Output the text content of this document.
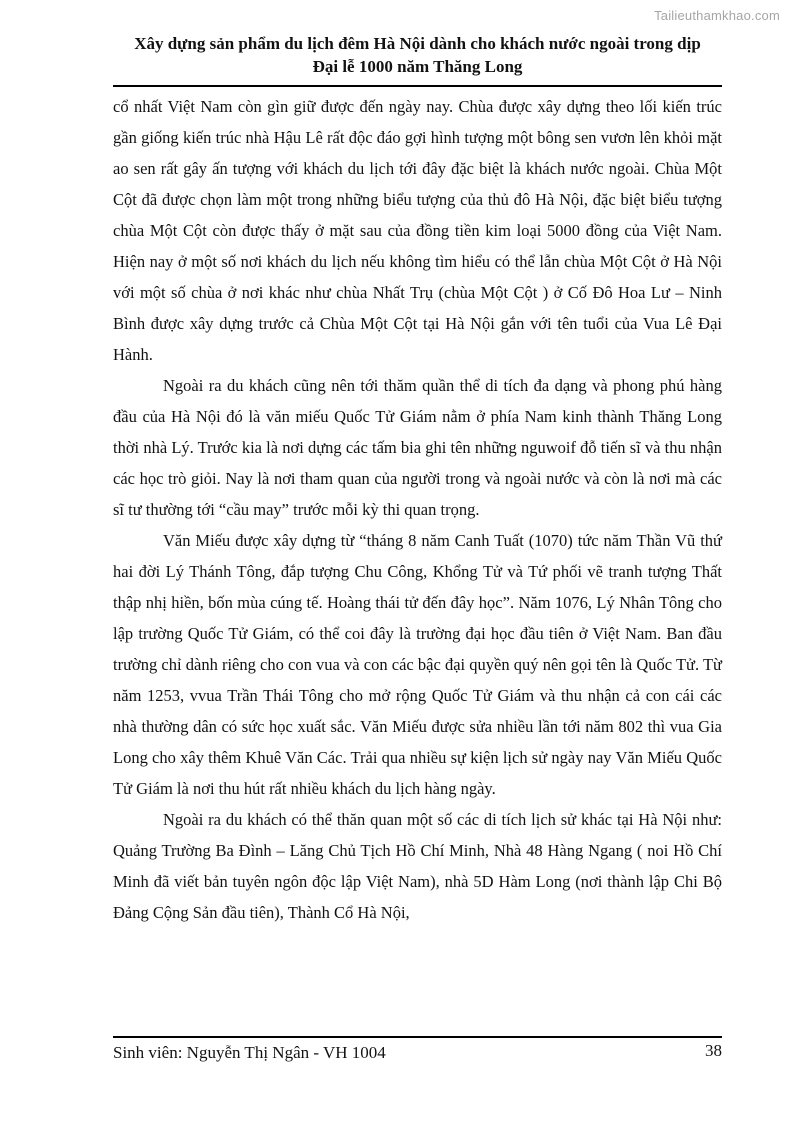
Tailieuthamkhao.com
Xây dựng sản phẩm du lịch đêm Hà Nội dành cho khách nước ngoài trong dịp
Đại lễ 1000 năm Thăng Long

cổ nhất Việt Nam còn gìn giữ được đến ngày nay. Chùa được xây dựng theo lối kiến trúc gần giống kiến trúc nhà Hậu Lê rất độc đáo gợi hình tượng một bông sen vươn lên khỏi mặt ao sen rất gây ấn tượng với khách du lịch tới đây đặc biệt là khách nước ngoài. Chùa Một Cột đã được chọn làm một trong những biểu tượng của thủ đô Hà Nội, đặc biệt biểu tượng chùa Một Cột còn được thấy ở mặt sau của đồng tiền kim loại 5000 đồng của Việt Nam. Hiện nay ở một số nơi khách du lịch nếu không tìm hiểu có thể lẫn chùa Một Cột ở Hà Nội với một số chùa ở nơi khác như chùa Nhất Trụ (chùa Một Cột ) ở Cố Đô Hoa Lư – Ninh Bình được xây dựng trước cả Chùa Một Cột tại Hà Nội gắn với tên tuổi của Vua Lê Đại Hành.

Ngoài ra du khách cũng nên tới thăm quần thể di tích đa dạng và phong phú hàng đầu của Hà Nội đó là văn miếu Quốc Tử Giám nằm ở phía Nam kinh thành Thăng Long thời nhà Lý. Trước kia là nơi dựng các tấm bia ghi tên những nguwoif đỗ tiến sĩ và thu nhận các học trò giỏi. Nay là nơi tham quan của người trong và ngoài nước và còn là nơi mà các sĩ tư thường tới “cầu may” trước mỗi kỳ thi quan trọng.

Văn Miếu được xây dựng từ “tháng 8 năm Canh Tuất (1070) tức năm Thần Vũ thứ hai đời Lý Thánh Tông, đắp tượng Chu Công, Khổng Tử và Tứ phối vẽ tranh tượng Thất thập nhị hiền, bốn mùa cúng tế. Hoàng thái tử đến đây học”. Năm 1076, Lý Nhân Tông cho lập trường Quốc Tử Giám, có thể coi đây là trường đại học đầu tiên ở Việt Nam. Ban đầu trường chỉ dành riêng cho con vua và con các bậc đại quyền quý nên gọi tên là Quốc Tử. Từ năm 1253, vvua Trần Thái Tông cho mở rộng Quốc Tử Giám và thu nhận cả con cái các nhà thường dân có sức học xuất sắc. Văn Miếu được sửa nhiều lần tới năm 802 thì vua Gia Long cho xây thêm Khuê Văn Các. Trải qua nhiều sự kiện lịch sử ngày nay Văn Miếu Quốc Tử Giám là nơi thu hút rất nhiều khách du lịch hàng ngày.

Ngoài ra du khách có thể thăn quan một số các di tích lịch sử khác tại Hà Nội như: Quảng Trường Ba Đình – Lăng Chủ Tịch Hồ Chí Minh, Nhà 48 Hàng Ngang ( noi Hồ Chí Minh đã viết bản tuyên ngôn độc lập Việt Nam), nhà 5D Hàm Long (nơi thành lập Chi Bộ Đảng Cộng Sản đầu tiên), Thành Cổ Hà Nội,

Sinh viên: Nguyễn Thị Ngân - VH 1004	38
